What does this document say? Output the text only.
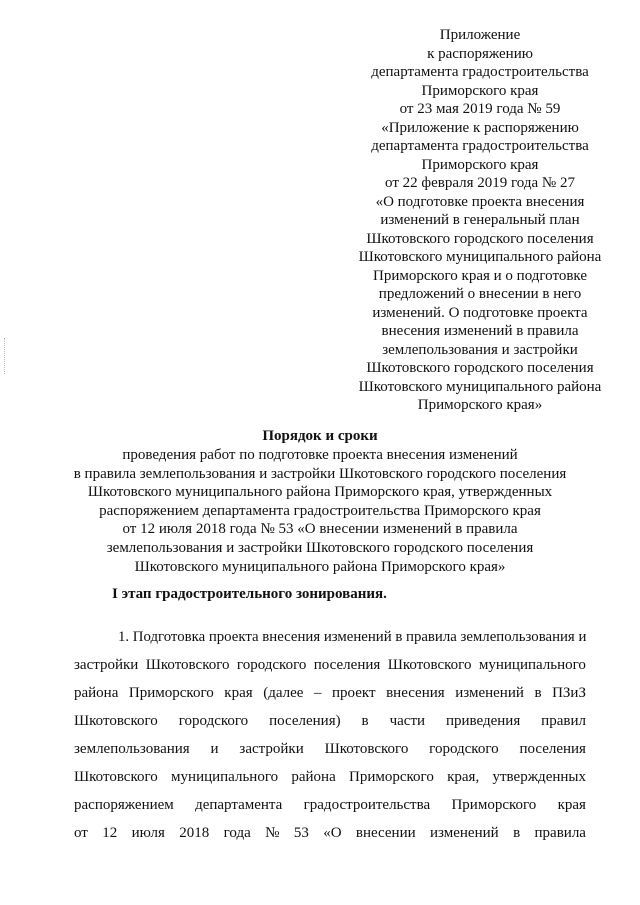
Приложение
к распоряжению
департамента градостроительства
Приморского края
от 23 мая 2019 года № 59
«Приложение к распоряжению
департамента градостроительства
Приморского края
от 22 февраля 2019 года № 27
«О подготовке проекта внесения
изменений в генеральный план
Шкотовского городского поселения
Шкотовского муниципального района
Приморского края и о подготовке
предложений о внесении в него
изменений. О подготовке проекта
внесения изменений в правила
землепользования и застройки
Шкотовского городского поселения
Шкотовского муниципального района
Приморского края»
Порядок и сроки
проведения работ по подготовке проекта внесения изменений
в правила землепользования и застройки Шкотовского городского поселения
Шкотовского муниципального района Приморского края, утвержденных
распоряжением департамента градостроительства Приморского края
от 12 июля 2018 года № 53 «О внесении изменений в правила
землепользования и застройки Шкотовского городского поселения
Шкотовского муниципального района Приморского края»
I этап градостроительного зонирования.
1. Подготовка проекта внесения изменений в правила землепользования и
застройки Шкотовского городского поселения Шкотовского муниципального
района Приморского края (далее – проект внесения изменений в ПЗиЗ
Шкотовского городского поселения) в части приведения правил
землепользования и застройки Шкотовского городского поселения
Шкотовского муниципального района Приморского края, утвержденных
распоряжением департамента градостроительства Приморского края
от 12 июля 2018 года № 53 «О внесении изменений в правила
